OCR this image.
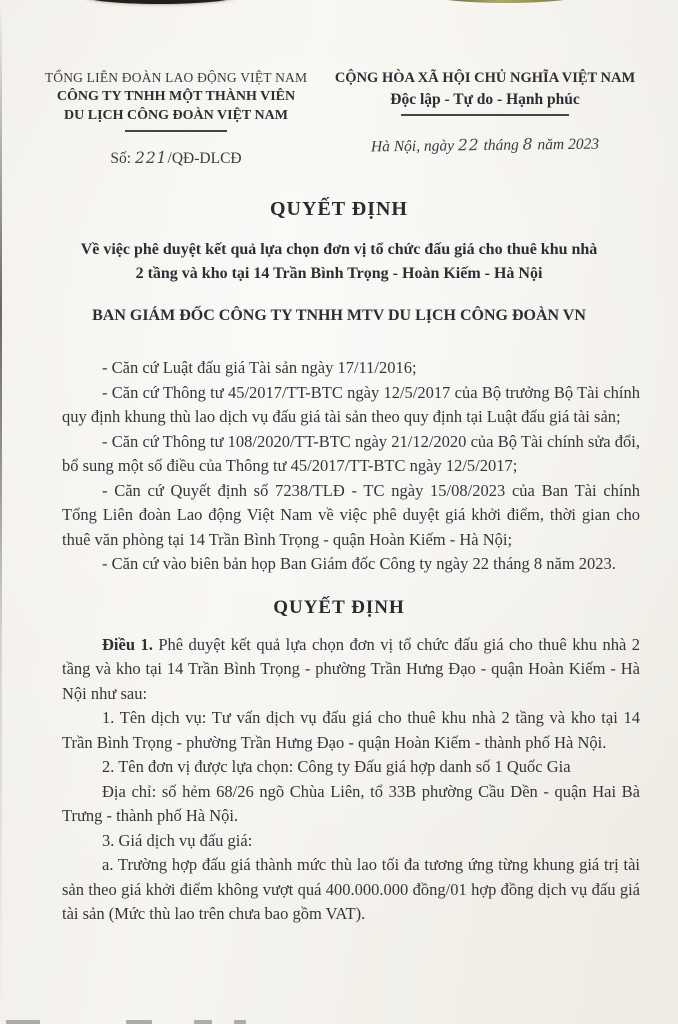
TỔNG LIÊN ĐOÀN LAO ĐỘNG VIỆT NAM
CÔNG TY TNHH MỘT THÀNH VIÊN
DU LỊCH CÔNG ĐOÀN VIỆT NAM
Số: 221/QĐ-DLCĐ
CỘNG HÒA XÃ HỘI CHỦ NGHĨA VIỆT NAM
Độc lập - Tự do - Hạnh phúc
Hà Nội, ngày 22 tháng 8 năm 2023
QUYẾT ĐỊNH
Về việc phê duyệt kết quả lựa chọn đơn vị tổ chức đấu giá cho thuê khu nhà
2 tầng và kho tại 14 Trần Bình Trọng - Hoàn Kiếm - Hà Nội
BAN GIÁM ĐỐC CÔNG TY TNHH MTV DU LỊCH CÔNG ĐOÀN VN

- Căn cứ Luật đấu giá Tài sản ngày 17/11/2016;

- Căn cứ Thông tư 45/2017/TT-BTC ngày 12/5/2017 của Bộ trưởng Bộ Tài chính quy định khung thù lao dịch vụ đấu giá tài sản theo quy định tại Luật đấu giá tài sản;

- Căn cứ Thông tư 108/2020/TT-BTC ngày 21/12/2020 của Bộ Tài chính sửa đổi, bổ sung một số điều của Thông tư 45/2017/TT-BTC ngày 12/5/2017;

- Căn cứ Quyết định số 7238/TLĐ - TC ngày 15/08/2023 của Ban Tài chính Tổng Liên đoàn Lao động Việt Nam về việc phê duyệt giá khởi điểm, thời gian cho thuê văn phòng tại 14 Trần Bình Trọng - quận Hoàn Kiếm - Hà Nội;

- Căn cứ vào biên bản họp Ban Giám đốc Công ty ngày 22 tháng 8 năm 2023.

QUYẾT ĐỊNH

Điều 1. Phê duyệt kết quả lựa chọn đơn vị tổ chức đấu giá cho thuê khu nhà 2 tầng và kho tại 14 Trần Bình Trọng - phường Trần Hưng Đạo - quận Hoàn Kiếm - Hà Nội như sau:

1. Tên dịch vụ: Tư vấn dịch vụ đấu giá cho thuê khu nhà 2 tầng và kho tại 14 Trần Bình Trọng - phường Trần Hưng Đạo - quận Hoàn Kiếm - thành phố Hà Nội.

2. Tên đơn vị được lựa chọn: Công ty Đấu giá hợp danh số 1 Quốc Gia

Địa chỉ: số hẻm 68/26 ngõ Chùa Liên, tổ 33B phường Cầu Dền - quận Hai Bà Trưng - thành phố Hà Nội.

3. Giá dịch vụ đấu giá:

a. Trường hợp đấu giá thành mức thù lao tối đa tương ứng từng khung giá trị tài sản theo giá khởi điểm không vượt quá 400.000.000 đồng/01 hợp đồng dịch vụ đấu giá tài sản (Mức thù lao trên chưa bao gồm VAT).
